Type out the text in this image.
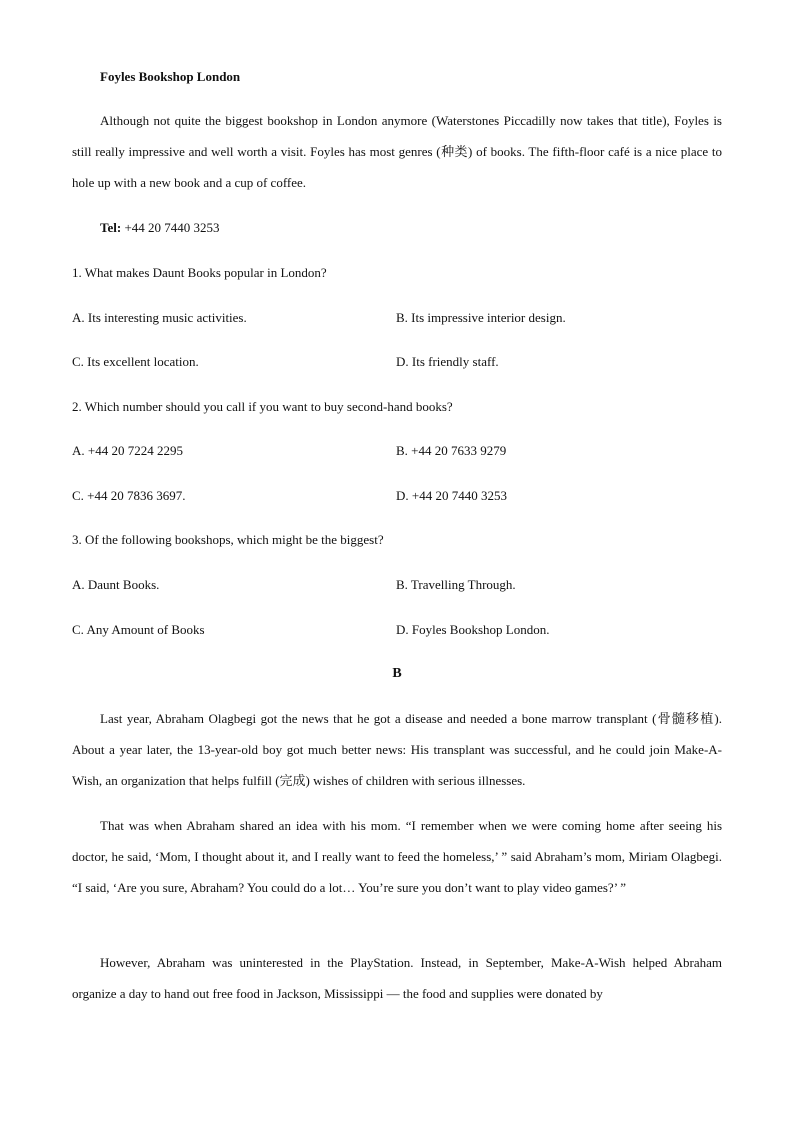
Foyles Bookshop London
Although not quite the biggest bookshop in London anymore (Waterstones Piccadilly now takes that title), Foyles is still really impressive and well worth a visit. Foyles has most genres (种类) of books. The fifth-floor café is a nice place to hole up with a new book and a cup of coffee.
Tel: +44 20 7440 3253
1. What makes Daunt Books popular in London?
A. Its interesting music activities.	B. Its impressive interior design.
C. Its excellent location.	D. Its friendly staff.
2. Which number should you call if you want to buy second-hand books?
A. +44 20 7224 2295	B. +44 20 7633 9279
C. +44 20 7836 3697.	D. +44 20 7440 3253
3. Of the following bookshops, which might be the biggest?
A. Daunt Books.	B. Travelling Through.
C. Any Amount of Books	D. Foyles Bookshop London.
B
Last year, Abraham Olagbegi got the news that he got a disease and needed a bone marrow transplant (骨髓移植). About a year later, the 13-year-old boy got much better news: His transplant was successful, and he could join Make-A-Wish, an organization that helps fulfill (完成) wishes of children with serious illnesses.
That was when Abraham shared an idea with his mom. “I remember when we were coming home after seeing his doctor, he said, ‘Mom, I thought about it, and I really want to feed the homeless,’ ” said Abraham’s mom, Miriam Olagbegi. “I said, ‘Are you sure, Abraham? You could do a lot… You’re sure you don’t want to play video games?’ ”
However, Abraham was uninterested in the PlayStation. Instead, in September, Make-A-Wish helped Abraham organize a day to hand out free food in Jackson, Mississippi — the food and supplies were donated by
